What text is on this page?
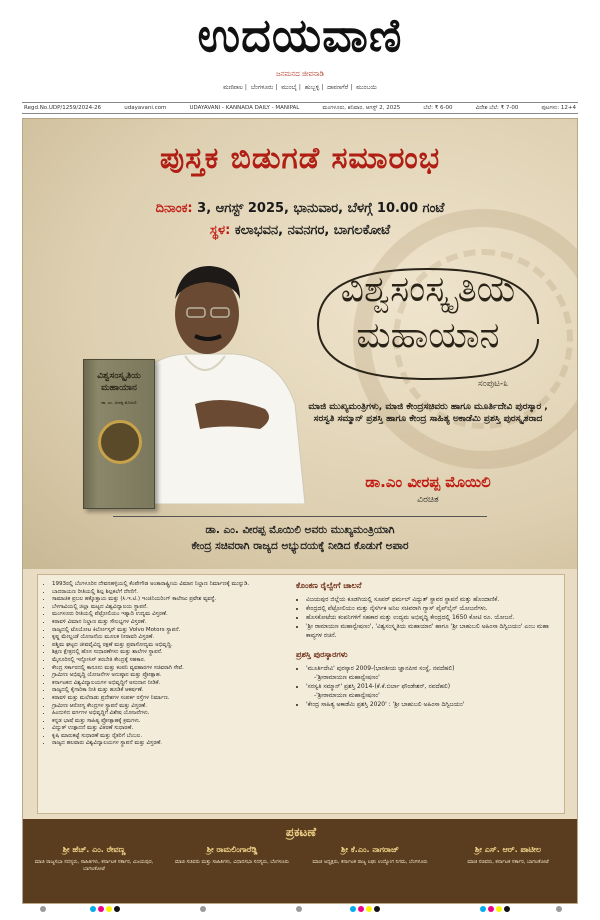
ಉದಯವಾಣಿ
ಜನಮನದ ಜೀವನಾಡಿ
ಮಣಿಪಾಲ | ಬೆಂಗಳೂರು | ಮುಂಬೈ | ಹುಬ್ಬಳ್ಳಿ | ದಾವಣಗೆರೆ | ಮುಂಬಯಿ
Regd.No.UDP/1259/2024-26	udayavani.com	UDAYAVANI - KANNADA DAILY - MANIPAL	ಮಂಗಳೂರು, ಶನಿವಾರ, ಆಗಸ್ಟ್ 2, 2025	ಬೆಲೆ: ₹ 6-00	ವಿದೇಶ ಬೆಲೆ: ₹ 7-00	ಪುಟಗಳು: 12+4
ಪುಸ್ತಕ ಬಿಡುಗಡೆ ಸಮಾರಂಭ
ದಿನಾಂಕ: 3, ಆಗಸ್ಟ್ 2025, ಭಾನುವಾರ, ಬೆಳಗ್ಗೆ 10.00 ಗಂಟೆ
ಸ್ಥಳ: ಕಲಾಭವನ, ನವನಗರ, ಬಾಗಲಕೋಟೆ
ವಿಶ್ವಸಂಸ್ಕೃತಿಯ
ಮಹಾಯಾನ
ಡಾ. ಎಂ. ವೀರಪ್ಪ ಮೊಯಿಲಿ
ವಿಶ್ವಸಂಸ್ಕೃತಿಯ
ಮಹಾಯಾನ
ಸಂಪುಟ-೩
ಮಾಜಿ ಮುಖ್ಯಮಂತ್ರಿಗಳು, ಮಾಜಿ ಕೇಂದ್ರಸಚಿವರು ಹಾಗೂ ಮೂರ್ತಿದೇವಿ ಪುರಸ್ಕಾರ , ಸರಸ್ವತಿ ಸಮ್ಮಾನ್ ಪ್ರಶಸ್ತಿ ಹಾಗೂ ಕೇಂದ್ರ ಸಾಹಿತ್ಯ ಅಕಾಡೆಮಿ ಪ್ರಶಸ್ತಿ ಪುರಸ್ಕೃತರಾದ
ಡಾ.ಎಂ ವೀರಪ್ಪ ಮೊಯಿಲಿ
ವಿರಚಿತ
ಡಾ. ಎಂ. ವೀರಪ್ಪ ಮೊಯಿಲಿ ಅವರು ಮುಖ್ಯಮಂತ್ರಿಯಾಗಿ
ಕೇಂದ್ರ ಸಚಿವರಾಗಿ ರಾಜ್ಯದ ಅಭ್ಯುದಯಕ್ಕೆ ನೀಡಿದ ಕೊಡುಗೆ ಅಪಾರ
• 1993ರಲ್ಲಿ ಬೆಂಗಳೂರಿನ ದೇವನಹಳ್ಳಿಯಲ್ಲಿ ಕೆಂಪೇಗೌಡ ಅಂತಾರಾಷ್ಟ್ರೀಯ ವಿಮಾನ ನಿಲ್ದಾಣ ನಿರ್ಮಾಣಕ್ಕೆ ಮುನ್ನುಡಿ.
• ಬಾದರಾಯಣ ರೀತಿಯಲ್ಲಿ ಶಿಲ್ಪ ಶಿಲ್ಪಕಲೆಗೆ ದೇಣಿಗೆ.
• ಸಾಮಾಜಿಕ ಪ್ರಬಲ ಹಕ್ಕೊತ್ತಾಯ ಮತ್ತು (ಸಿ.ಇ.ಟಿ.) ಇಂಜಿನಿಯರಿಂಗ್ ಕಾಲೇಜು ಪ್ರವೇಶ ವ್ಯವಸ್ಥೆ.
• ಬೆಳಗಾವಿಯಲ್ಲಿ ಜಿಲ್ಲಾ ಮಟ್ಟದ ವಿಶ್ವವಿದ್ಯಾಲಯ ಸ್ಥಾಪನೆ.
• ಮಂಗಳೂರು ರೀತಿಯಲ್ಲಿ ಪೆಟ್ರೋಲಿಯಂ ಇತ್ಯಾದಿ ಉದ್ಯಮ ವಿಸ್ತರಣೆ.
• ಕರಾವಳಿ ವಿಮಾನ ನಿಲ್ದಾಣ ಮತ್ತು ಸೌಲಭ್ಯಗಳ ವಿಸ್ತರಣೆ.
• ರಾಜ್ಯದಲ್ಲಿ ಟೊಯೋಟ ಕಿರ್ಲೋಸ್ಕರ್ ಮತ್ತು Volvo Motors ಸ್ಥಾಪನೆ.
• ಕೃಷ್ಣ ಮೇಲ್ದಂಡೆ ಯೋಜನೆಯ ಮೂಲಕ ನೀರಾವರಿ ವಿಸ್ತರಣೆ.
• ಪಶ್ಚಿಮ ಘಟ್ಟದ ಜೀವವೈವಿಧ್ಯ ರಕ್ಷಣೆ ಮತ್ತು ಪ್ರವಾಸೋದ್ಯಮ ಅಭಿವೃದ್ಧಿ.
• ಶಿಕ್ಷಣ ಕ್ಷೇತ್ರದಲ್ಲಿ ಹೊಸ ಸುಧಾರಣೆಗಳು ಮತ್ತು ಶಾಲೆಗಳ ಸ್ಥಾಪನೆ.
• ಮೈಸೂರಿನಲ್ಲಿ ಇನ್ಫೋಸಿಸ್ ತರಬೇತಿ ಕೇಂದ್ರಕ್ಕೆ ಸಹಕಾರ.
• ಕೇಂದ್ರ ಸರ್ಕಾರದಲ್ಲಿ ಕಾನೂನು ಮತ್ತು ಕಂಪನಿ ವ್ಯವಹಾರಗಳ ಸಚಿವರಾಗಿ ಸೇವೆ.
• ಗ್ರಾಮೀಣ ಅಭಿವೃದ್ಧಿ ಯೋಜನೆಗಳ ಅನುಷ್ಠಾನ ಮತ್ತು ಪ್ರೋತ್ಸಾಹ.
• ಕರ್ನಾಟಕದ ವಿಶ್ವವಿದ್ಯಾಲಯಗಳ ಅಭಿವೃದ್ಧಿಗೆ ಅನುದಾನ ನೀಡಿಕೆ.
• ರಾಜ್ಯದಲ್ಲಿ ಕೈಗಾರಿಕಾ ನೀತಿ ಮತ್ತು ಹೂಡಿಕೆ ಆಕರ್ಷಣೆ.
• ಕರಾವಳಿ ಮತ್ತು ಮಲೆನಾಡು ಪ್ರದೇಶಗಳ ಸಂಪರ್ಕ ರಸ್ತೆಗಳ ನಿರ್ಮಾಣ.
• ಗ್ರಾಮೀಣ ಆರೋಗ್ಯ ಕೇಂದ್ರಗಳ ಸ್ಥಾಪನೆ ಮತ್ತು ವಿಸ್ತರಣೆ.
• ಹಿಂದುಳಿದ ವರ್ಗಗಳ ಅಭಿವೃದ್ಧಿಗೆ ವಿಶೇಷ ಯೋಜನೆಗಳು.
• ಕನ್ನಡ ಭಾಷೆ ಮತ್ತು ಸಾಹಿತ್ಯ ಪ್ರೋತ್ಸಾಹಕ್ಕೆ ಕ್ರಮಗಳು.
• ವಿದ್ಯುತ್ ಉತ್ಪಾದನೆ ಮತ್ತು ವಿತರಣೆ ಸುಧಾರಣೆ.
• ಕೃಷಿ ಮಾರುಕಟ್ಟೆ ಸುಧಾರಣೆ ಮತ್ತು ರೈತರಿಗೆ ಬೆಂಬಲ.
• ರಾಜ್ಯದ ಹಲವಾರು ವಿಶ್ವವಿದ್ಯಾಲಯಗಳ ಸ್ಥಾಪನೆ ಮತ್ತು ವಿಸ್ತರಣೆ.
ಕೊಂಕಣ ರೈಲ್ವೇಗೆ ಚಾಲನೆ
• ವಿಜಯಪುರ ಜಿಲ್ಲೆಯ ಕೂಡಗಿಯಲ್ಲಿ ಸೂಪರ್ ಥರ್ಮಲ್ ವಿದ್ಯುತ್ ಸ್ಥಾವರ ಸ್ಥಾಪನೆ ಮತ್ತು ಹೊಂದಾಣಿಕೆ.
• ಕೇಂದ್ರದಲ್ಲಿ ಪೆಟ್ರೋಲಿಯಂ ಮತ್ತು ನೈಸರ್ಗಿಕ ಅನಿಲ ಸಚಿವರಾಗಿ ಗ್ಯಾಸ್ ಪೈಪ್‌ಲೈನ್ ಯೋಜನೆಗಳು.
• ಹೊಸಕೋಟೆಯ ಕಂಪನಿಗಳಿಗೆ ಸಹಕಾರ ಮತ್ತು ಉದ್ಯಮ ಅಭಿವೃದ್ಧಿ ಕೇಂದ್ರದಲ್ಲಿ 1650 ಕೋಟಿ ರೂ. ಯೋಜನೆ.
• 'ಶ್ರೀ ರಾಮಾಯಣ ಮಹಾನ್ವೇಷಣಂ', 'ವಿಶ್ವಸಂಸ್ಕೃತಿಯ ಮಹಾಯಾನ' ಹಾಗೂ 'ಶ್ರೀ ಬಾಹುಬಲಿ ಅಹಿಂಸಾ ದಿಗ್ವಿಜಯಂ' ಎಂಬ ಮಹಾ ಕಾವ್ಯಗಳ ರಚನೆ.
ಪ್ರಶಸ್ತಿ ಪುರಸ್ಕಾರಗಳು
• 'ಮೂರ್ತಿದೇವಿ' ಪುರಸ್ಕಾರ 2009-(ಭಾರತೀಯ ಜ್ಞಾನಪೀಠ ಸಂಸ್ಥೆ, ನವದೆಹಲಿ)
-'ಶ್ರೀರಾಮಾಯಣ ಮಹಾನ್ವೇಷಣಂ'
• 'ಸರಸ್ವತಿ ಸಮ್ಮಾನ್' ಪ್ರಶಸ್ತಿ 2014-(ಕೆ.ಕೆ.ಬಿರ್ಲಾ ಫೌಂಡೇಶನ್, ನವದೆಹಲಿ)
-'ಶ್ರೀರಾಮಾಯಣ ಮಹಾನ್ವೇಷಣಂ'
• 'ಕೇಂದ್ರ ಸಾಹಿತ್ಯ ಅಕಾಡೆಮಿ ಪ್ರಶಸ್ತಿ 2020' : 'ಶ್ರೀ ಬಾಹುಬಲಿ ಅಹಿಂಸಾ ದಿಗ್ವಿಜಯಂ'
ಪ್ರಕಟಣೆ
ಶ್ರೀ ಹೆಚ್. ಎಂ. ರೇವಣ್ಣ
ಮಾಜಿ ರಾಜ್ಯಸಭಾ ಸದಸ್ಯರು, ಸಾಹಿತಿಗಳು, ಕರ್ನಾಟಕ ಸರ್ಕಾರ, ವಿಜಯಪುರ, ಬಾಗಲಕೋಟೆ
ಶ್ರೀ ರಾಮಲಿಂಗಾರೆಡ್ಡಿ
ಮಾಜಿ ಸಚಿವರು ಮತ್ತು ಸಾಹಿತಿಗಳು, ವಿಧಾನಸಭಾ ಸದಸ್ಯರು, ಬೆಂಗಳೂರು
ಶ್ರೀ ಕೆ.ಎಂ. ನಾಗರಾಜ್
ಮಾಜಿ ಅಧ್ಯಕ್ಷರು, ಕರ್ನಾಟಕ ರಾಜ್ಯ ಲಘು ಉದ್ಯೋಗ ನಿಗಮ, ಬೆಂಗಳೂರು
ಶ್ರೀ ಎಸ್. ಆರ್. ಪಾಟೀಲ
ಮಾಜಿ ಸಚಿವರು, ಕರ್ನಾಟಕ ಸರ್ಕಾರ, ಬಾಗಲಕೋಟೆ
